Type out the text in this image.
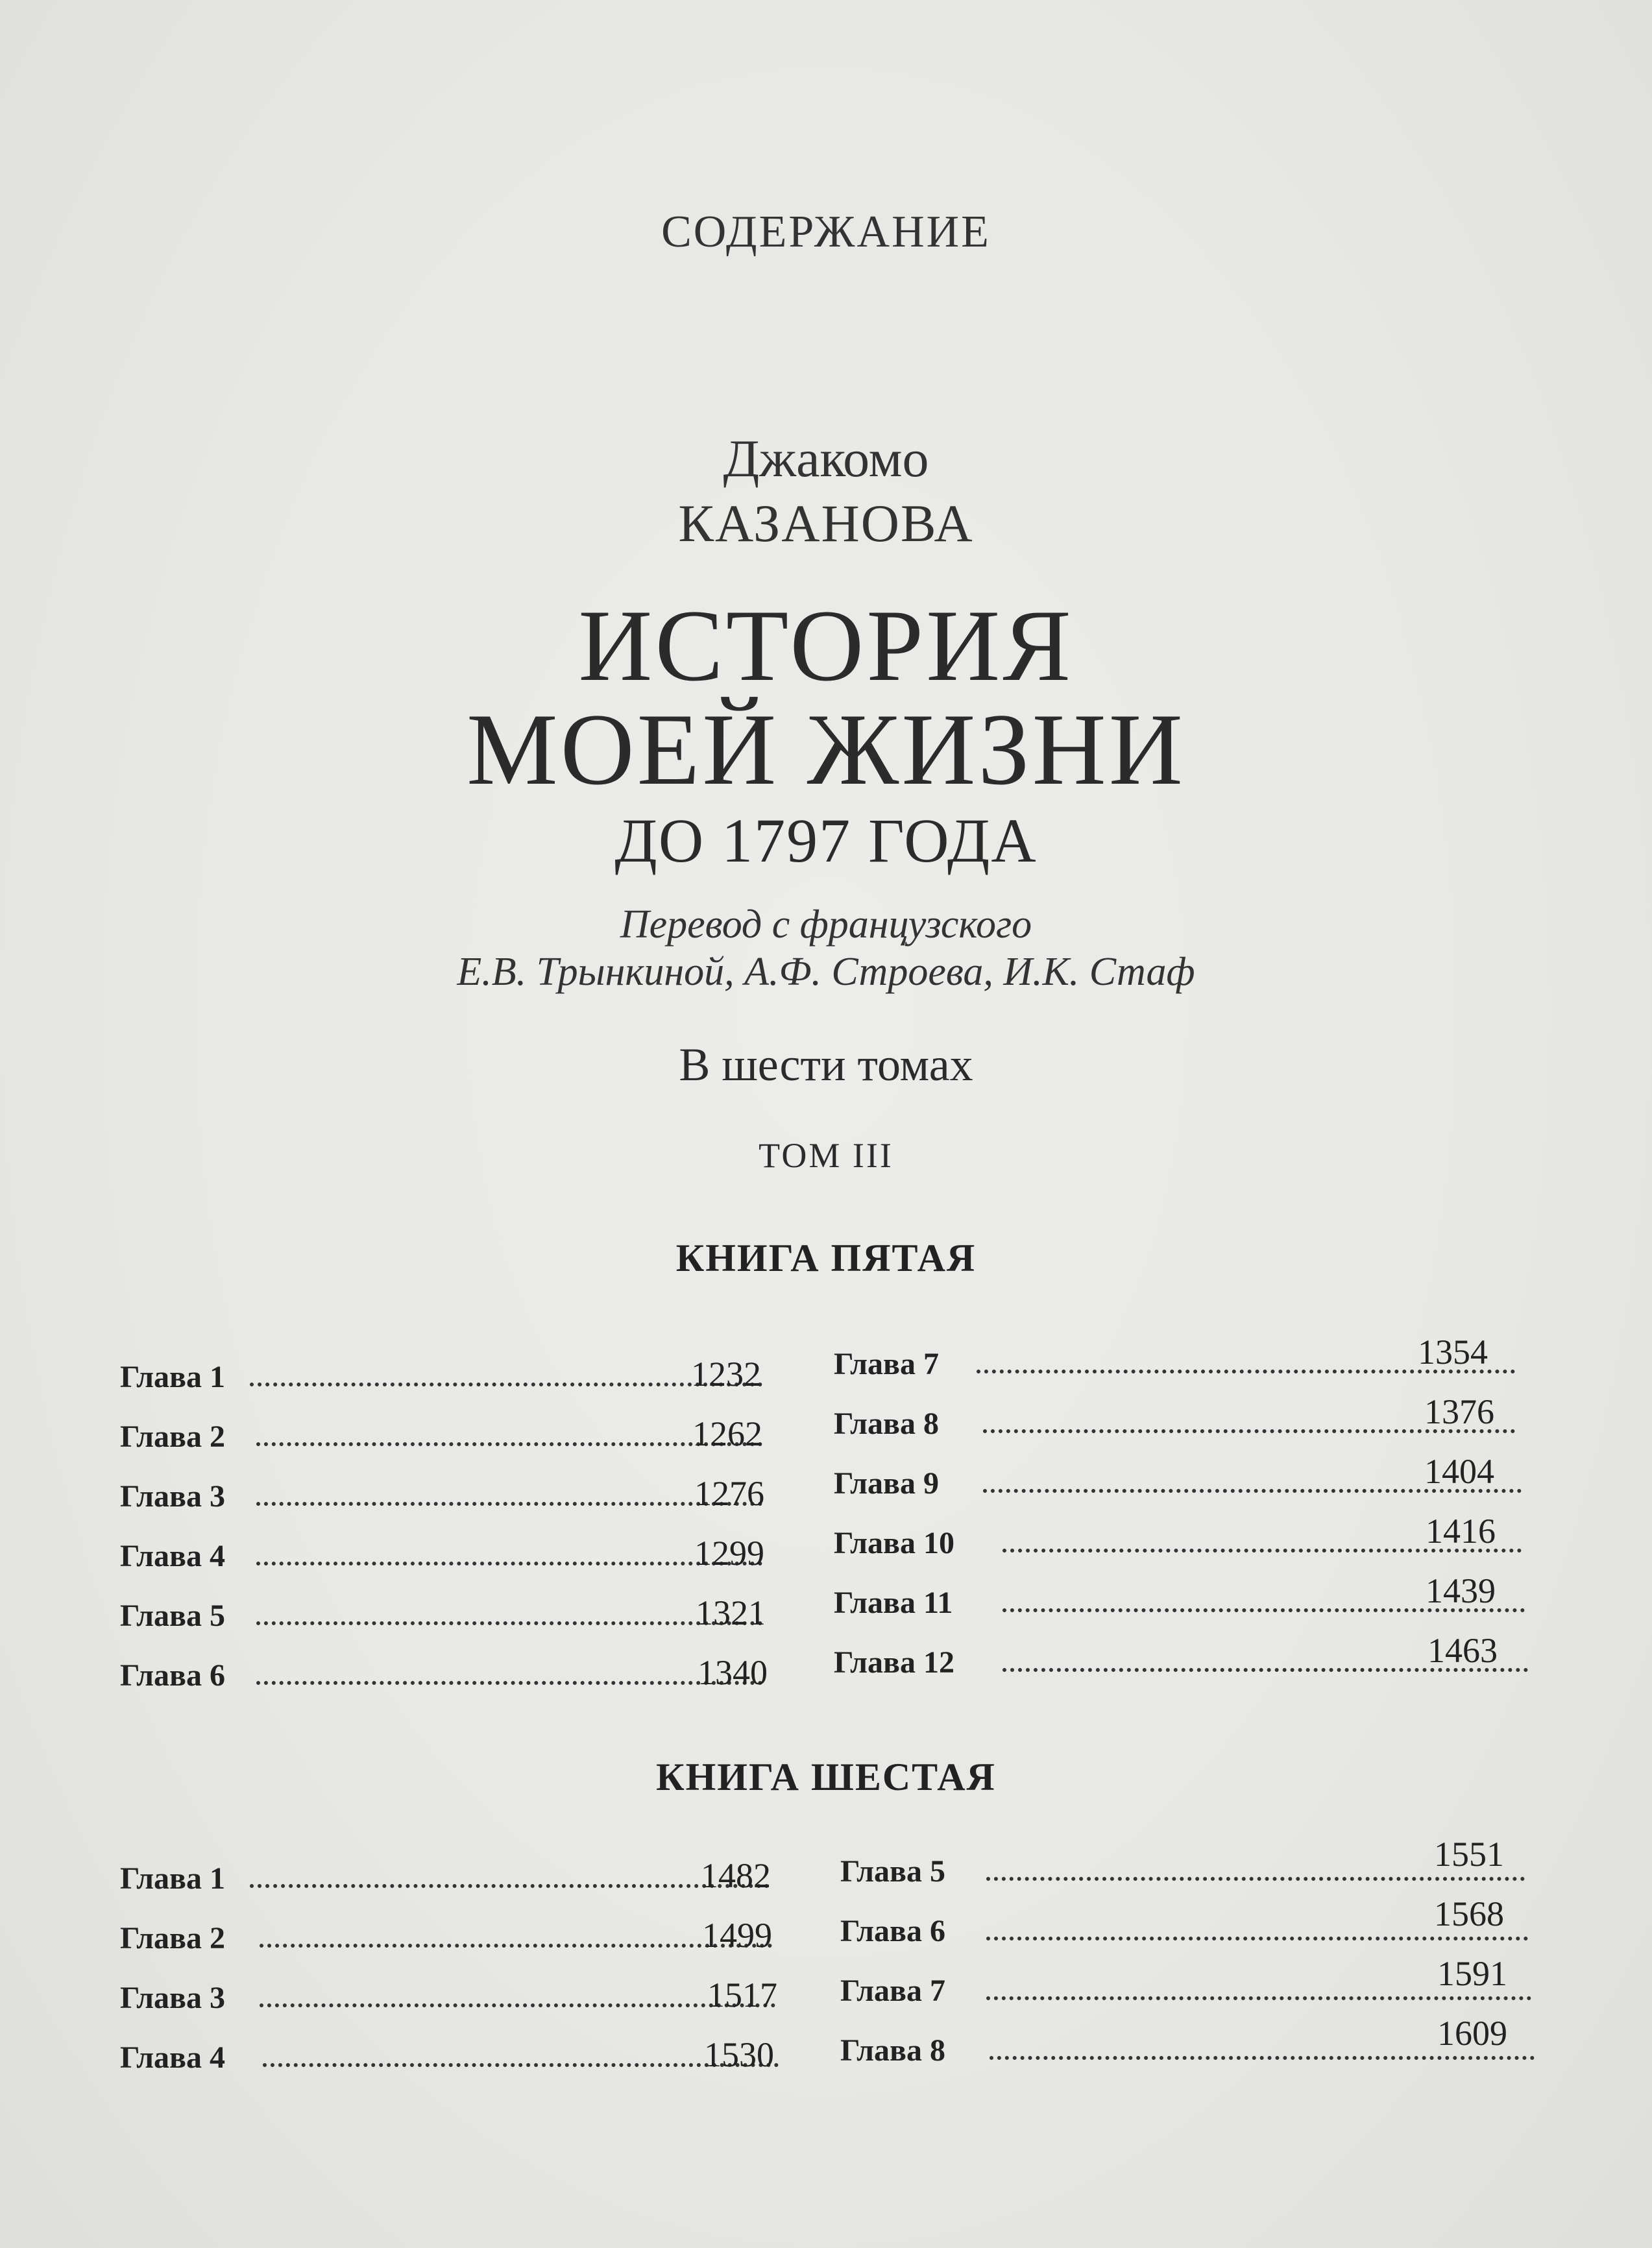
СОДЕРЖАНИЕ
Джакомо
КАЗАНОВА
ИСТОРИЯ
МОЕЙ ЖИЗНИ
ДО 1797 ГОДА
Перевод с французского
Е.В. Трынкиной, А.Ф. Строева, И.К. Стаф
В шести томах
ТОМ III
КНИГА ПЯТАЯ
Глава 1	1232
Глава 2	1262
Глава 3	1276
Глава 4	1299
Глава 5	1321
Глава 6	1340
Глава 7	1354
Глава 8	1376
Глава 9	1404
Глава 10	1416
Глава 11	1439
Глава 12	1463
КНИГА ШЕСТАЯ
Глава 1	1482
Глава 2	1499
Глава 3	1517
Глава 4	1530
Глава 5	1551
Глава 6	1568
Глава 7	1591
Глава 8	1609
